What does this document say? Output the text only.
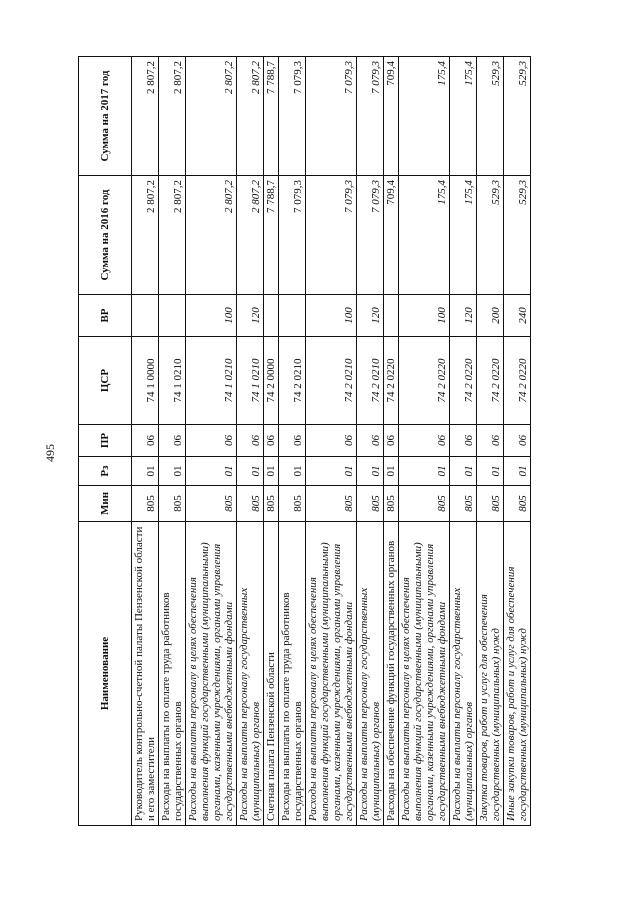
495
Наименование	Мин	Рз	ПР	ЦСР	ВР	Сумма на 2016 год	Сумма на 2017 год
Руководитель контрольно-счетной палаты Пензенской области и его заместители	805	01	06	74 1 0000		2 807,2	2 807,2
Расходы на выплаты по оплате труда работников государственных органов	805	01	06	74 1 0210		2 807,2	2 807,2
Расходы на выплаты персоналу в целях обеспечения выполнения функций государственными (муниципальными) органами, казенными учреждениями, органами управления государственными внебюджетными фондами	805	01	06	74 1 0210	100	2 807,2	2 807,2
Расходы на выплаты персоналу государственных (муниципальных) органов	805	01	06	74 1 0210	120	2 807,2	2 807,2
Счетная палата Пензенской области	805	01	06	74 2 0000		7 788,7	7 788,7
Расходы на выплаты по оплате труда работников государственных органов	805	01	06	74 2 0210		7 079,3	7 079,3
Расходы на выплаты персоналу в целях обеспечения выполнения функций государственными (муниципальными) органами, казенными учреждениями, органами управления государственными внебюджетными фондами	805	01	06	74 2 0210	100	7 079,3	7 079,3
Расходы на выплаты персоналу государственных (муниципальных) органов	805	01	06	74 2 0210	120	7 079,3	7 079,3
Расходы на обеспечение функций государственных органов	805	01	06	74 2 0220		709,4	709,4
Расходы на выплаты персоналу в целях обеспечения выполнения функций государственными (муниципальными) органами, казенными учреждениями, органами управления государственными внебюджетными фондами	805	01	06	74 2 0220	100	175,4	175,4
Расходы на выплаты персоналу государственных (муниципальных) органов	805	01	06	74 2 0220	120	175,4	175,4
Закупка товаров, работ и услуг для обеспечения государственных (муниципальных) нужд	805	01	06	74 2 0220	200	529,3	529,3
Иные закупки товаров, работ и услуг для обеспечения государственных (муниципальных) нужд	805	01	06	74 2 0220	240	529,3	529,3
